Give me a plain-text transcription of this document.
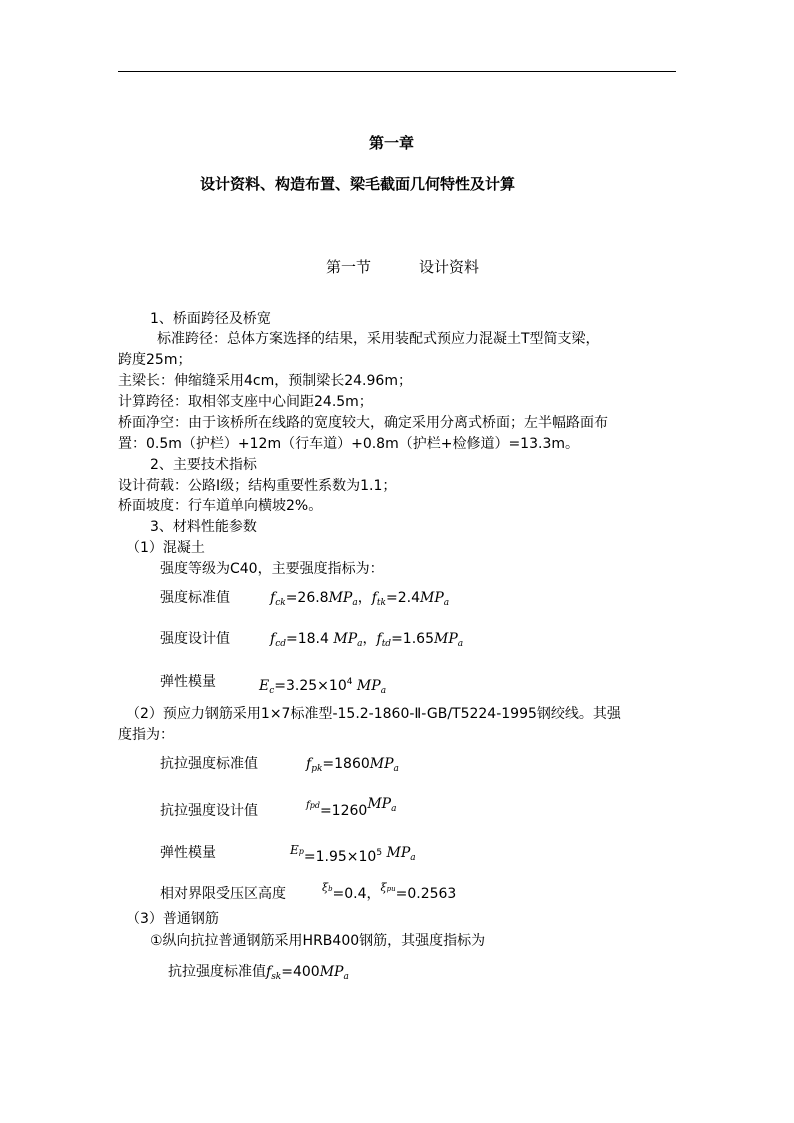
第一章
设计资料、构造布置、梁毛截面几何特性及计算
第一节	设计资料
1、桥面跨径及桥宽
标准跨径：总体方案选择的结果，采用装配式预应力混凝土T型简支梁，
跨度25m；
主梁长：伸缩缝采用4cm，预制梁长24.96m；
计算跨径：取相邻支座中心间距24.5m；
桥面净空：由于该桥所在线路的宽度较大，确定采用分离式桥面；左半幅路面布
置：0.5m（护栏）+12m（行车道）+0.8m（护栏+检修道）=13.3m。
2、主要技术指标
设计荷载：公路Ⅰ级；结构重要性系数为1.1；
桥面坡度：行车道单向横坡2%。
3、材料性能参数
（1）混凝土
强度等级为C40，主要强度指标为：
强度标准值	$f_{ck}=26.8MP_a$，$f_{tk}=2.4MP_a$
强度设计值	$f_{cd}=18.4$ $MP_a$，$f_{td}=1.65MP_a$
弹性模量	$E_c=3.25\times 10^4$ $MP_a$
（2）预应力钢筋采用1×7标准型-15.2-1860-Ⅱ-GB/T5224-1995钢绞线。其强
度指为：
抗拉强度标准值	$f_{pk}=1860MP_a$
抗拉强度设计值	$^{fpd}=1260MP^a$
弹性模量	$E^p=1.95\times 10^5$ $MP_a$
相对界限受压区高度	$^{\xi b}$=0.4，$^{\xi pu}$=0.2563
（3）普通钢筋
①纵向抗拉普通钢筋采用HRB400钢筋，其强度指标为
抗拉强度标准值$f_{sk}=400MP_a$
